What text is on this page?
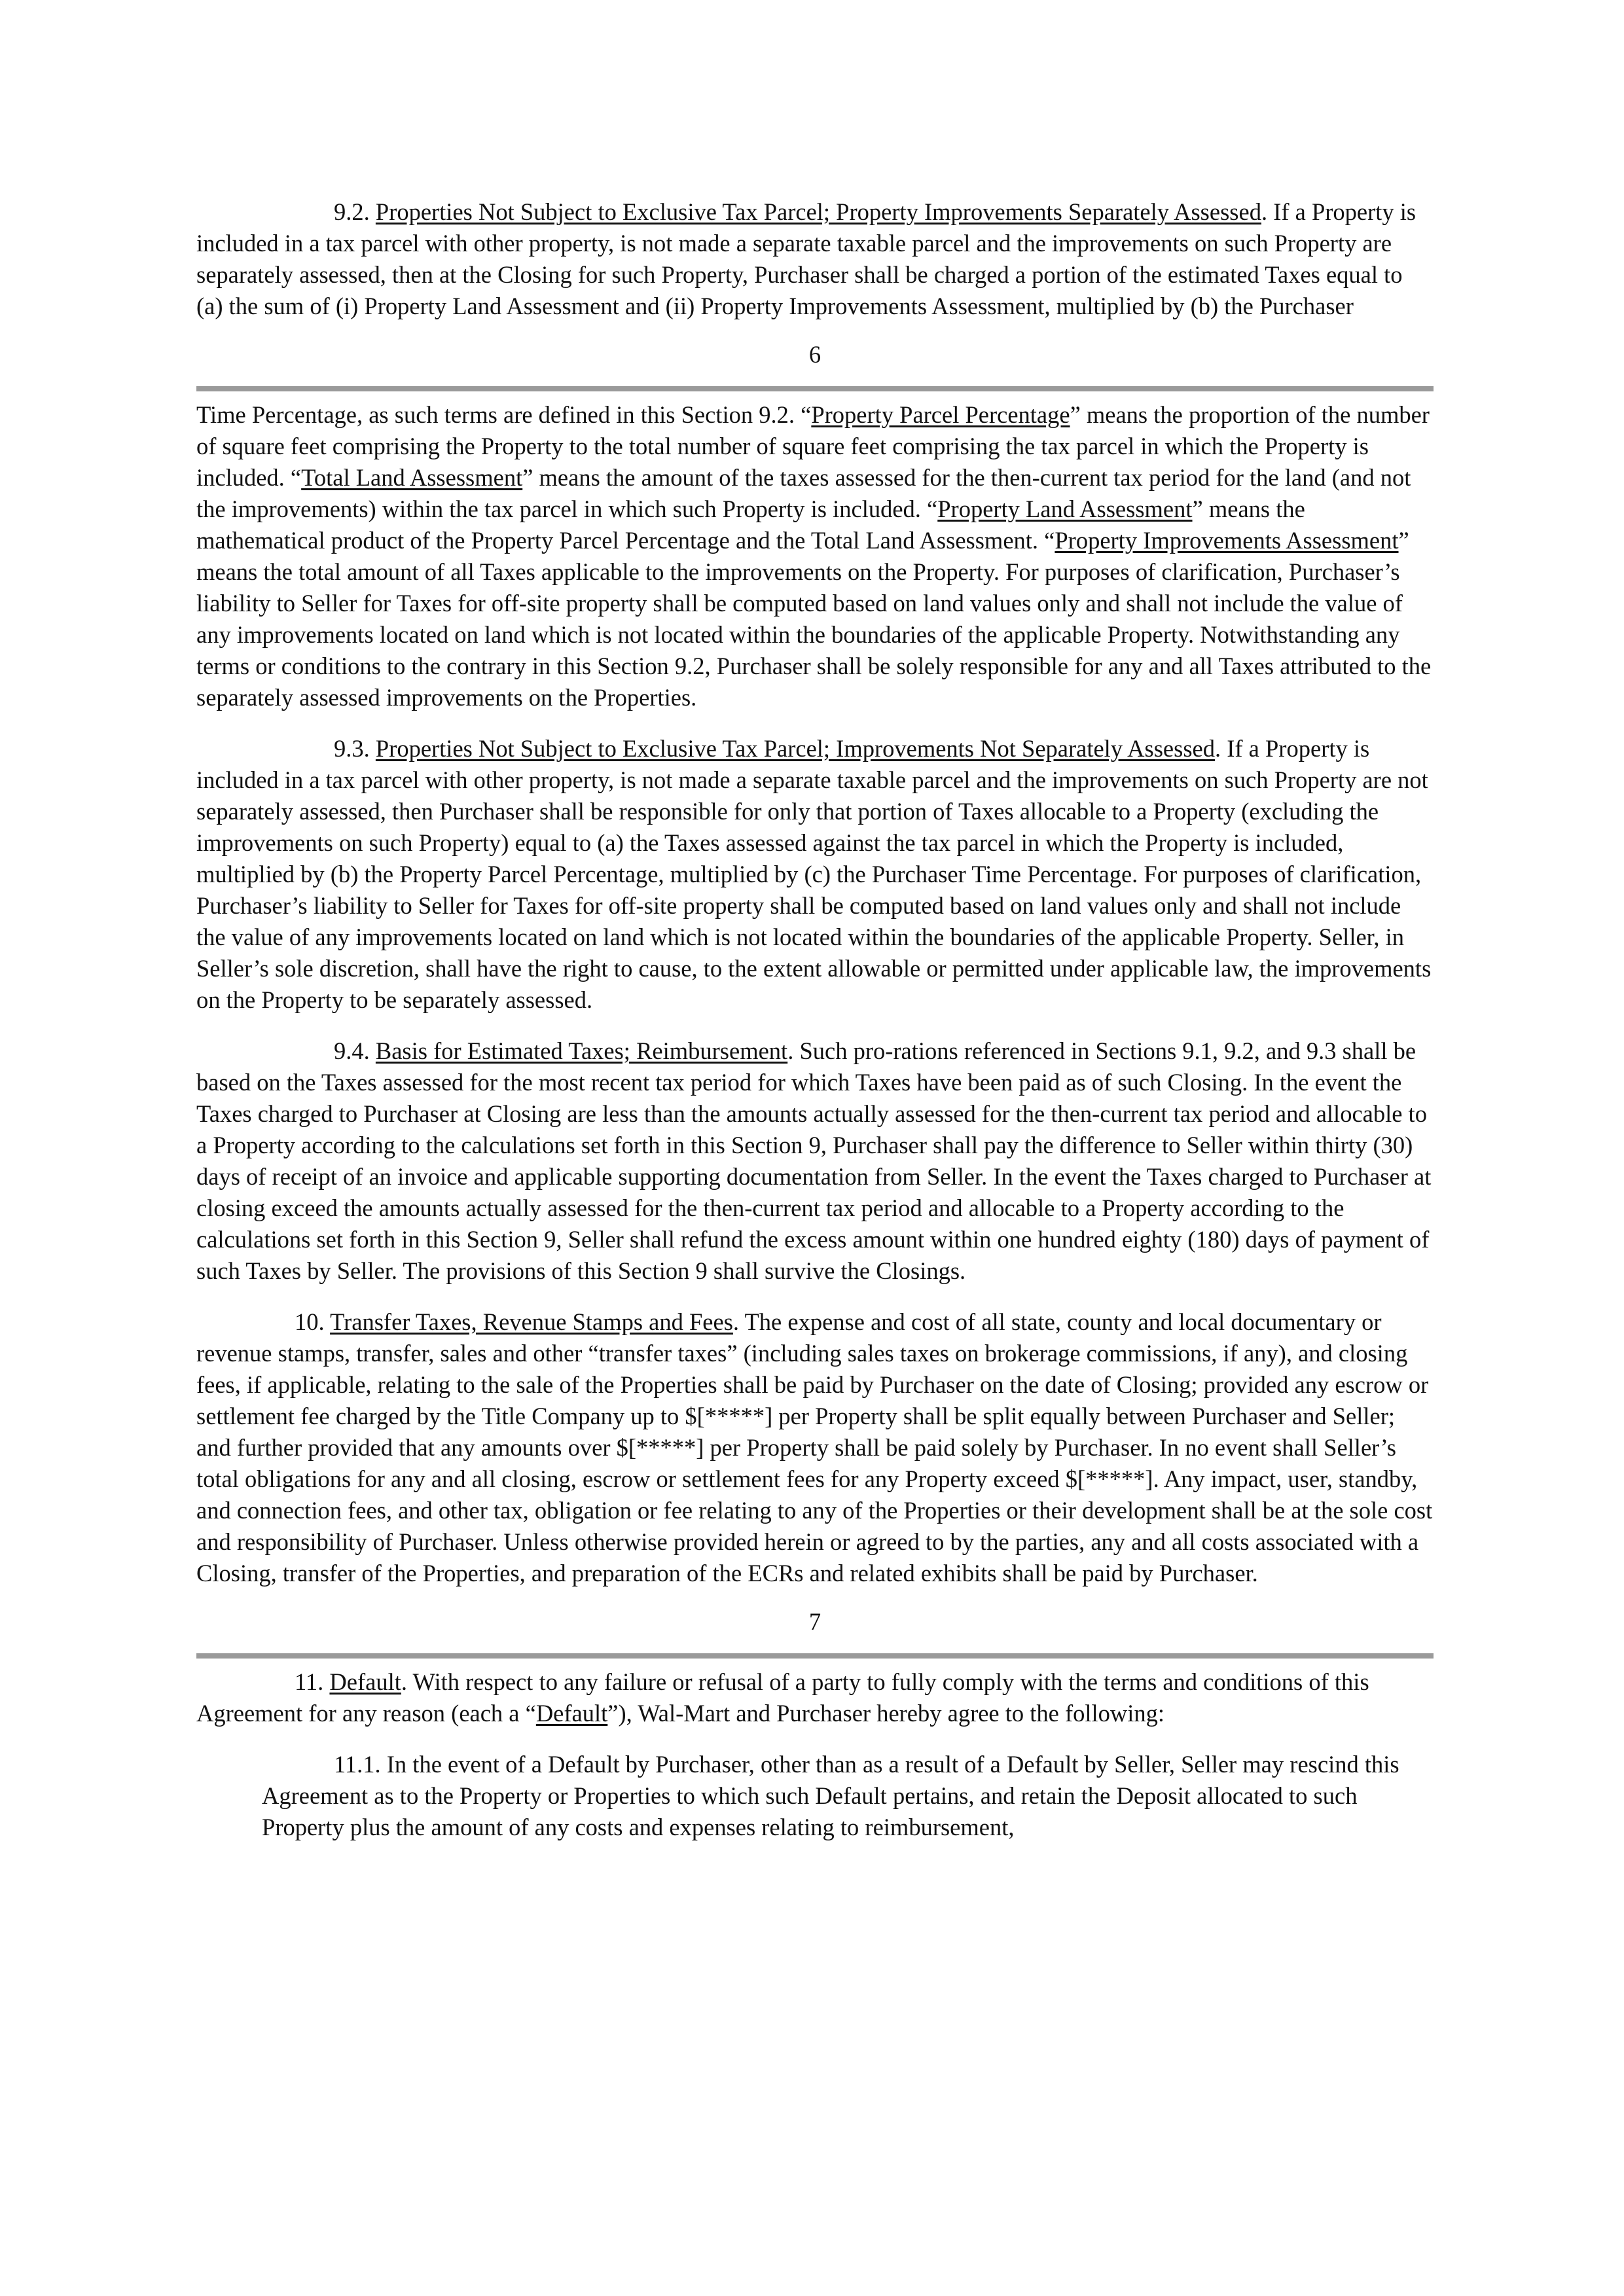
9.2. Properties Not Subject to Exclusive Tax Parcel; Property Improvements Separately Assessed. If a Property is included in a tax parcel with other property, is not made a separate taxable parcel and the improvements on such Property are separately assessed, then at the Closing for such Property, Purchaser shall be charged a portion of the estimated Taxes equal to (a) the sum of (i) Property Land Assessment and (ii) Property Improvements Assessment, multiplied by (b) the Purchaser

6

Time Percentage, as such terms are defined in this Section 9.2. “Property Parcel Percentage” means the proportion of the number of square feet comprising the Property to the total number of square feet comprising the tax parcel in which the Property is included. “Total Land Assessment” means the amount of the taxes assessed for the then-current tax period for the land (and not the improvements) within the tax parcel in which such Property is included. “Property Land Assessment” means the mathematical product of the Property Parcel Percentage and the Total Land Assessment. “Property Improvements Assessment” means the total amount of all Taxes applicable to the improvements on the Property. For purposes of clarification, Purchaser’s liability to Seller for Taxes for off-site property shall be computed based on land values only and shall not include the value of any improvements located on land which is not located within the boundaries of the applicable Property. Notwithstanding any terms or conditions to the contrary in this Section 9.2, Purchaser shall be solely responsible for any and all Taxes attributed to the separately assessed improvements on the Properties.

9.3. Properties Not Subject to Exclusive Tax Parcel; Improvements Not Separately Assessed. If a Property is included in a tax parcel with other property, is not made a separate taxable parcel and the improvements on such Property are not separately assessed, then Purchaser shall be responsible for only that portion of Taxes allocable to a Property (excluding the improvements on such Property) equal to (a) the Taxes assessed against the tax parcel in which the Property is included, multiplied by (b) the Property Parcel Percentage, multiplied by (c) the Purchaser Time Percentage. For purposes of clarification, Purchaser’s liability to Seller for Taxes for off-site property shall be computed based on land values only and shall not include the value of any improvements located on land which is not located within the boundaries of the applicable Property. Seller, in Seller’s sole discretion, shall have the right to cause, to the extent allowable or permitted under applicable law, the improvements on the Property to be separately assessed.

9.4. Basis for Estimated Taxes; Reimbursement. Such pro-rations referenced in Sections 9.1, 9.2, and 9.3 shall be based on the Taxes assessed for the most recent tax period for which Taxes have been paid as of such Closing. In the event the Taxes charged to Purchaser at Closing are less than the amounts actually assessed for the then-current tax period and allocable to a Property according to the calculations set forth in this Section 9, Purchaser shall pay the difference to Seller within thirty (30) days of receipt of an invoice and applicable supporting documentation from Seller. In the event the Taxes charged to Purchaser at closing exceed the amounts actually assessed for the then-current tax period and allocable to a Property according to the calculations set forth in this Section 9, Seller shall refund the excess amount within one hundred eighty (180) days of payment of such Taxes by Seller. The provisions of this Section 9 shall survive the Closings.

10. Transfer Taxes, Revenue Stamps and Fees. The expense and cost of all state, county and local documentary or revenue stamps, transfer, sales and other “transfer taxes” (including sales taxes on brokerage commissions, if any), and closing fees, if applicable, relating to the sale of the Properties shall be paid by Purchaser on the date of Closing; provided any escrow or settlement fee charged by the Title Company up to $[*****] per Property shall be split equally between Purchaser and Seller; and further provided that any amounts over $[*****] per Property shall be paid solely by Purchaser. In no event shall Seller’s total obligations for any and all closing, escrow or settlement fees for any Property exceed $[*****]. Any impact, user, standby, and connection fees, and other tax, obligation or fee relating to any of the Properties or their development shall be at the sole cost and responsibility of Purchaser. Unless otherwise provided herein or agreed to by the parties, any and all costs associated with a Closing, transfer of the Properties, and preparation of the ECRs and related exhibits shall be paid by Purchaser.

7

11. Default. With respect to any failure or refusal of a party to fully comply with the terms and conditions of this Agreement for any reason (each a “Default”), Wal-Mart and Purchaser hereby agree to the following:

11.1. In the event of a Default by Purchaser, other than as a result of a Default by Seller, Seller may rescind this Agreement as to the Property or Properties to which such Default pertains, and retain the Deposit allocated to such Property plus the amount of any costs and expenses relating to reimbursement,
